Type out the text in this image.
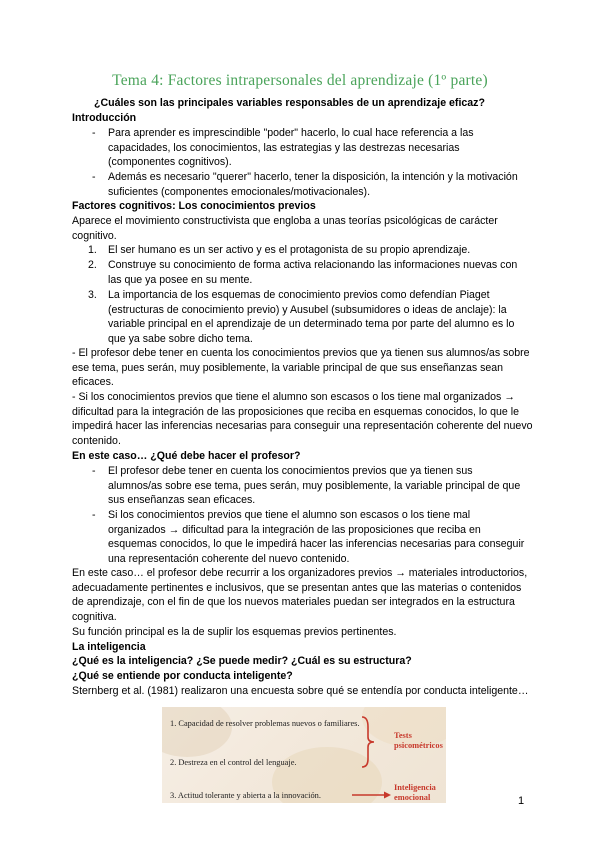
Tema 4: Factores intrapersonales del aprendizaje (1º parte)
¿Cuáles son las principales variables responsables de un aprendizaje eficaz?
Introducción
- Para aprender es imprescindible "poder" hacerlo, lo cual hace referencia a las capacidades, los conocimientos, las estrategias y las destrezas necesarias (componentes cognitivos).
- Además es necesario "querer" hacerlo, tener la disposición, la intención y la motivación suficientes (componentes emocionales/motivacionales).
Factores cognitivos: Los conocimientos previos
Aparece el movimiento constructivista que engloba a unas teorías psicológicas de carácter cognitivo.
1. El ser humano es un ser activo y es el protagonista de su propio aprendizaje.
2. Construye su conocimiento de forma activa relacionando las informaciones nuevas con las que ya posee en su mente.
3. La importancia de los esquemas de conocimiento previos como defendían Piaget (estructuras de conocimiento previo) y Ausubel (subsumidores o ideas de anclaje): la variable principal en el aprendizaje de un determinado tema por parte del alumno es lo que ya sabe sobre dicho tema.
- El profesor debe tener en cuenta los conocimientos previos que ya tienen sus alumnos/as sobre ese tema, pues serán, muy posiblemente, la variable principal de que sus enseñanzas sean eficaces.
- Si los conocimientos previos que tiene el alumno son escasos o los tiene mal organizados → dificultad para la integración de las proposiciones que reciba en esquemas conocidos, lo que le impedirá hacer las inferencias necesarias para conseguir una representación coherente del nuevo contenido.
En este caso… ¿Qué debe hacer el profesor?
- El profesor debe tener en cuenta los conocimientos previos que ya tienen sus alumnos/as sobre ese tema, pues serán, muy posiblemente, la variable principal de que sus enseñanzas sean eficaces.
- Si los conocimientos previos que tiene el alumno son escasos o los tiene mal organizados → dificultad para la integración de las proposiciones que reciba en esquemas conocidos, lo que le impedirá hacer las inferencias necesarias para conseguir una representación coherente del nuevo contenido.
En este caso… el profesor debe recurrir a los organizadores previos → materiales introductorios, adecuadamente pertinentes e inclusivos, que se presentan antes que las materias o contenidos de aprendizaje, con el fin de que los nuevos materiales puedan ser integrados en la estructura cognitiva.
Su función principal es la de suplir los esquemas previos pertinentes.
La inteligencia
¿Qué es la inteligencia? ¿Se puede medir? ¿Cuál es su estructura?
¿Qué se entiende por conducta inteligente?
Sternberg et al. (1981) realizaron una encuesta sobre qué se entendía por conducta inteligente…
1. Capacidad de resolver problemas nuevos o familiares.
2. Destreza en el control del lenguaje.
3. Actitud tolerante y abierta a la innovación.
Tests psicométricos
Inteligencia emocional	1
